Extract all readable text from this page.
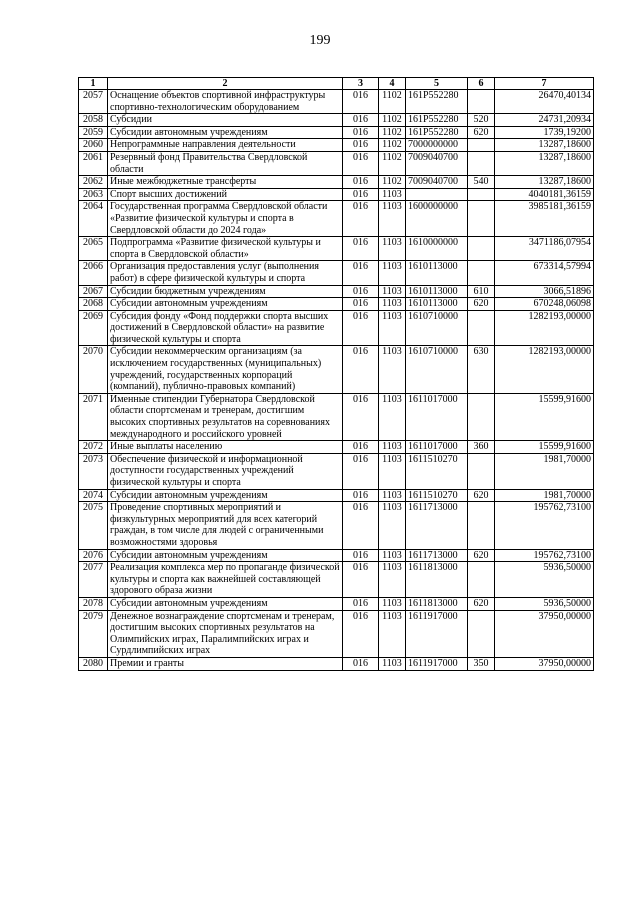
199
1	2	3	4	5	6	7
2057	Оснащение объектов спортивной инфраструктуры спортивно-технологическим оборудованием	016	1102	161P552280		26470,40134
2058	Субсидии	016	1102	161P552280	520	24731,20934
2059	Субсидии автономным учреждениям	016	1102	161P552280	620	1739,19200
2060	Непрограммные направления деятельности	016	1102	7000000000		13287,18600
2061	Резервный фонд Правительства Свердловской области	016	1102	7009040700		13287,18600
2062	Иные межбюджетные трансферты	016	1102	7009040700	540	13287,18600
2063	Спорт высших достижений	016	1103			4040181,36159
2064	Государственная программа Свердловской области «Развитие физической культуры и спорта в Свердловской области до 2024 года»	016	1103	1600000000		3985181,36159
2065	Подпрограмма «Развитие физической культуры и спорта в Свердловской области»	016	1103	1610000000		3471186,07954
2066	Организация предоставления услуг (выполнения работ) в сфере физической культуры и спорта	016	1103	1610113000		673314,57994
2067	Субсидии бюджетным учреждениям	016	1103	1610113000	610	3066,51896
2068	Субсидии автономным учреждениям	016	1103	1610113000	620	670248,06098
2069	Субсидия фонду «Фонд поддержки спорта высших достижений в Свердловской области» на развитие физической культуры и спорта	016	1103	1610710000		1282193,00000
2070	Субсидии некоммерческим организациям (за исключением государственных (муниципальных) учреждений, государственных корпораций (компаний), публично-правовых компаний)	016	1103	1610710000	630	1282193,00000
2071	Именные стипендии Губернатора Свердловской области спортсменам и тренерам, достигшим высоких спортивных результатов на соревнованиях международного и российского уровней	016	1103	1611017000		15599,91600
2072	Иные выплаты населению	016	1103	1611017000	360	15599,91600
2073	Обеспечение физической и информационной доступности государственных учреждений физической культуры и спорта	016	1103	1611510270		1981,70000
2074	Субсидии автономным учреждениям	016	1103	1611510270	620	1981,70000
2075	Проведение спортивных мероприятий и физкультурных мероприятий для всех категорий граждан, в том числе для людей с ограниченными возможностями здоровья	016	1103	1611713000		195762,73100
2076	Субсидии автономным учреждениям	016	1103	1611713000	620	195762,73100
2077	Реализация комплекса мер по пропаганде физической культуры и спорта как важнейшей составляющей здорового образа жизни	016	1103	1611813000		5936,50000
2078	Субсидии автономным учреждениям	016	1103	1611813000	620	5936,50000
2079	Денежное вознаграждение спортсменам и тренерам, достигшим высоких спортивных результатов на Олимпийских играх, Паралимпийских играх и Сурдлимпийских играх	016	1103	1611917000		37950,00000
2080	Премии и гранты	016	1103	1611917000	350	37950,00000
